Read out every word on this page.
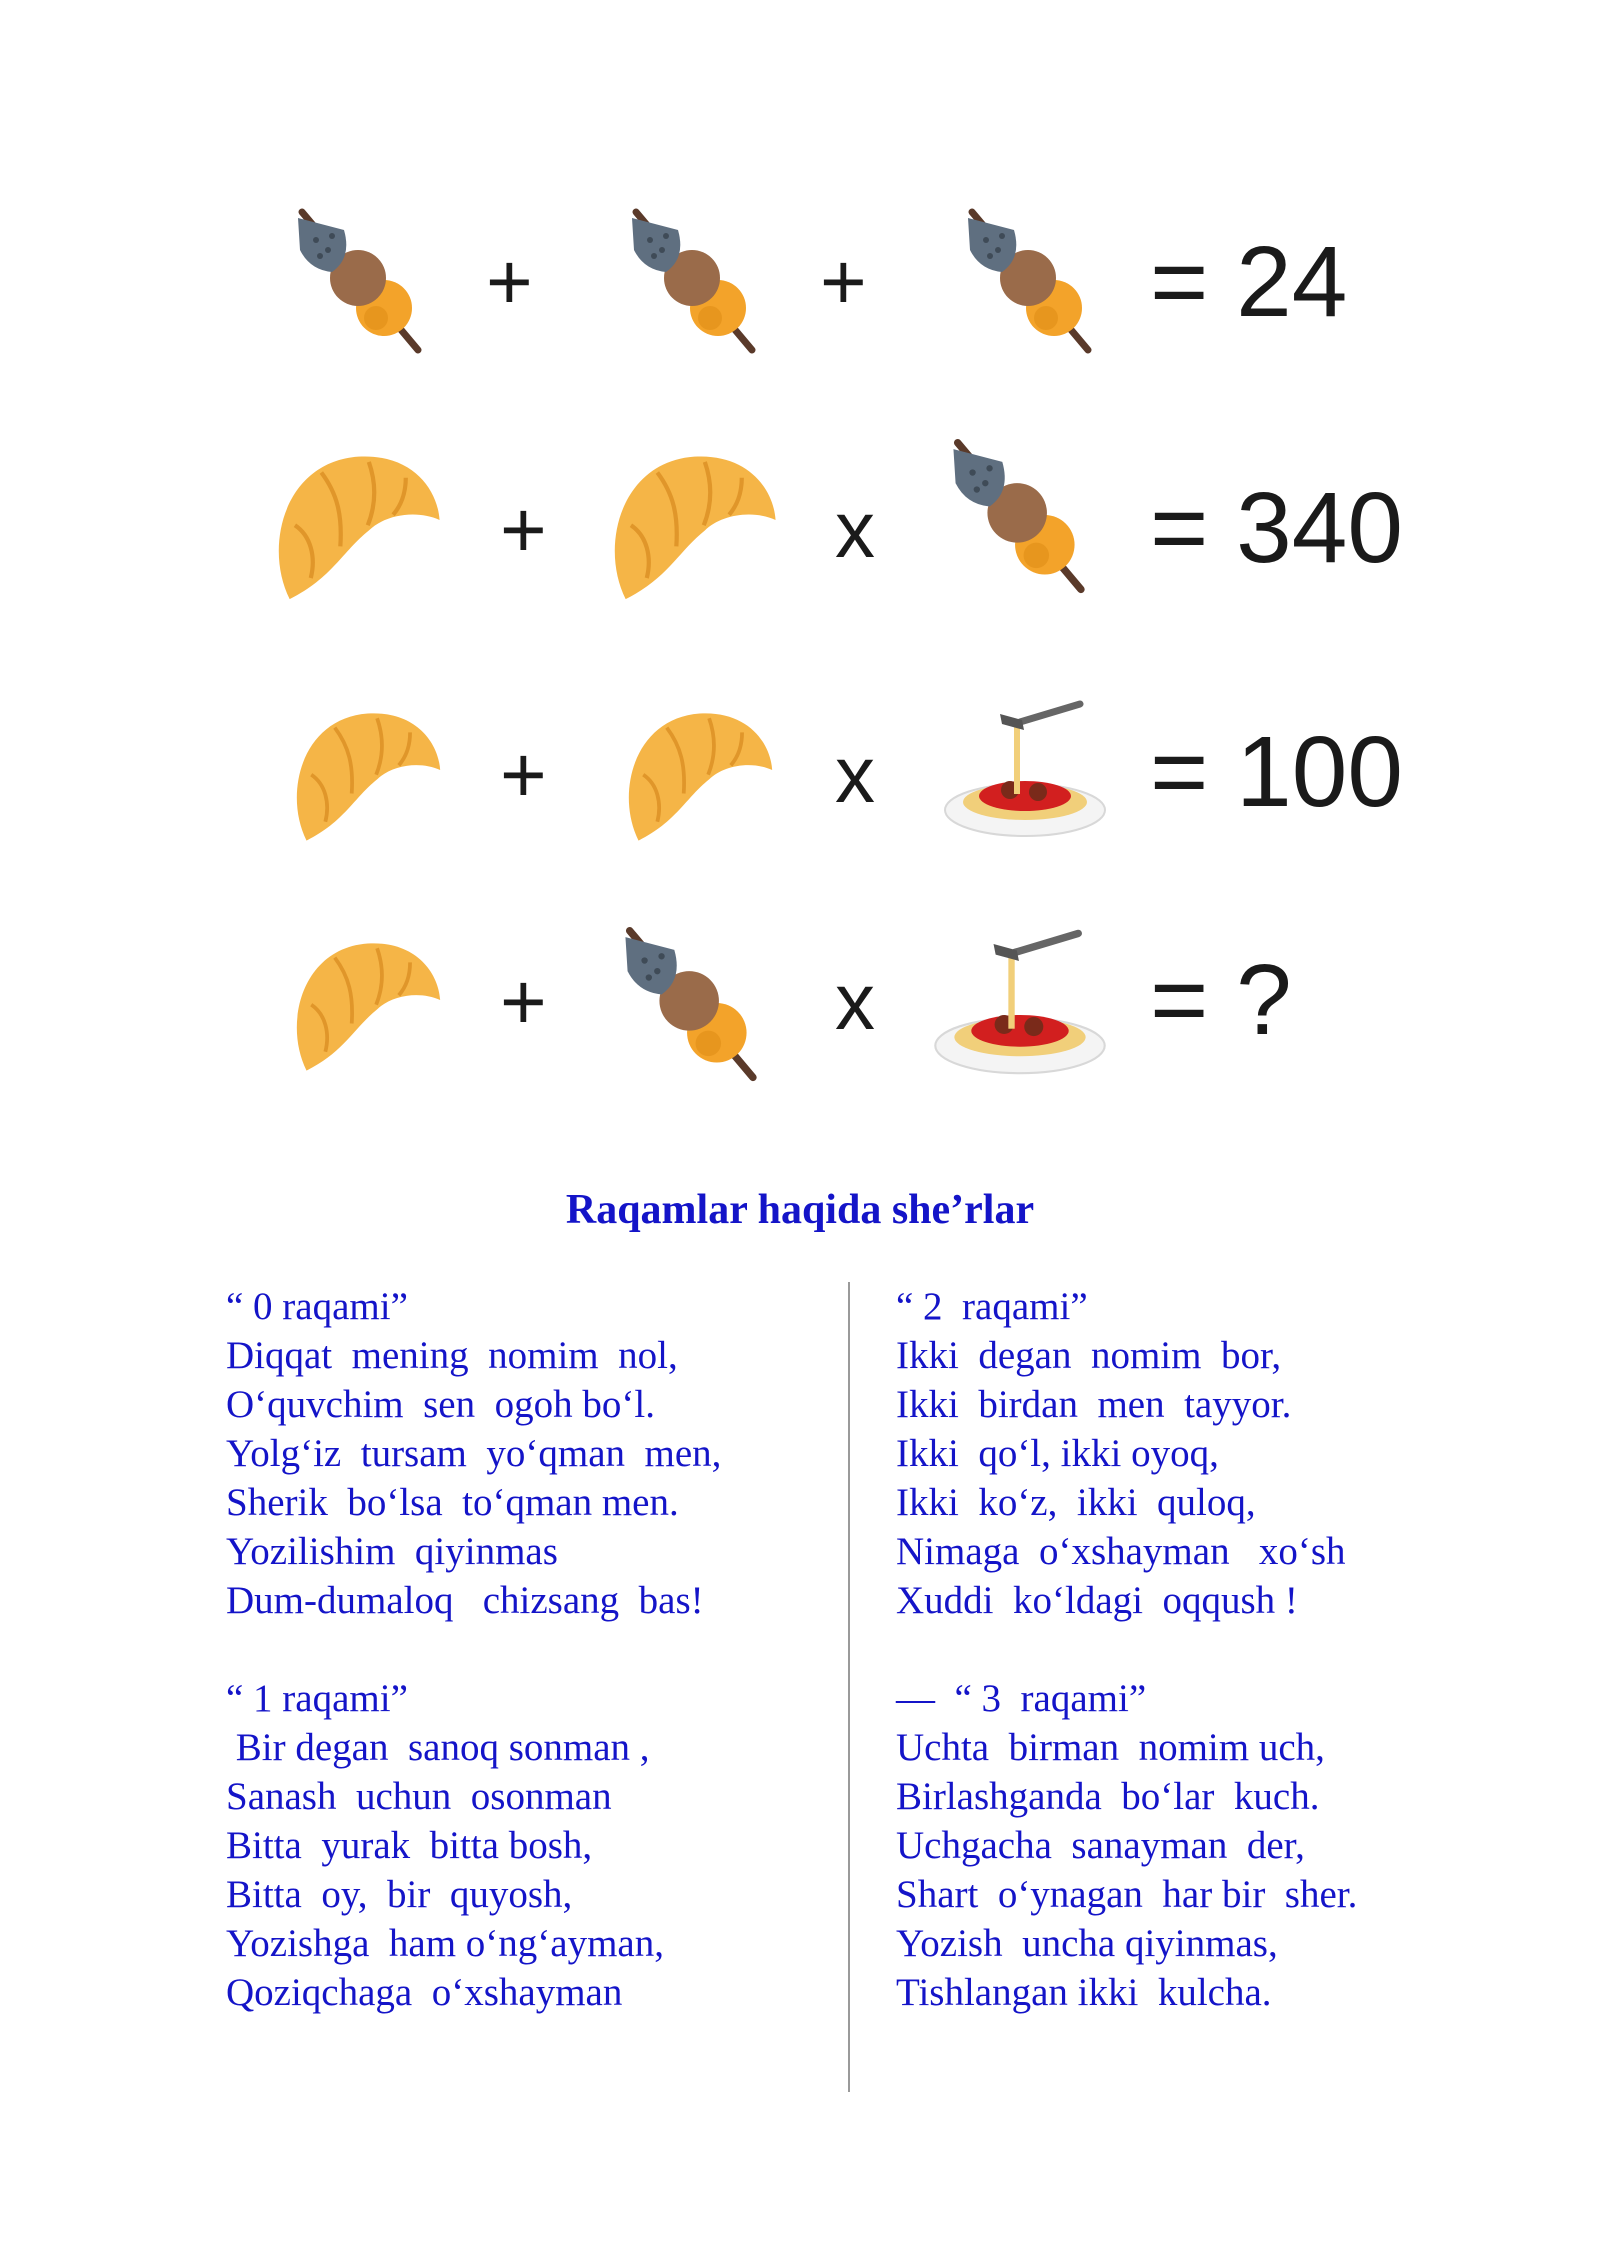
+	+	= 24
+	x	= 340
+	x	= 100
+	x	= ?
Raqamlar haqida she’rlar
“ 0 raqami”
Diqqat  mening  nomim  nol,
O‘quvchim  sen  ogoh bo‘l.
Yolg‘iz  tursam  yo‘qman  men,
Sherik  bo‘lsa  to‘qman men.
Yozilishim  qiyinmas
Dum-dumaloq   chizsang  bas!
“ 1 raqami”
Bir degan  sanoq sonman ,
Sanash  uchun  osonman
Bitta  yurak  bitta bosh,
Bitta  oy,  bir  quyosh,
Yozishga  ham o‘ng‘ayman,
Qoziqchaga  o‘xshayman
“ 2  raqami”
Ikki  degan  nomim  bor,
Ikki  birdan  men  tayyor.
Ikki  qo‘l, ikki oyoq,
Ikki  ko‘z,  ikki  quloq,
Nimaga  o‘xshayman   xo‘sh
Xuddi  ko‘ldagi  oqqush !
—  “ 3  raqami”
Uchta  birman  nomim uch,
Birlashganda  bo‘lar  kuch.
Uchgacha  sanayman  der,
Shart  o‘ynagan  har bir  sher.
Yozish  uncha qiyinmas,
Tishlangan ikki  kulcha.
